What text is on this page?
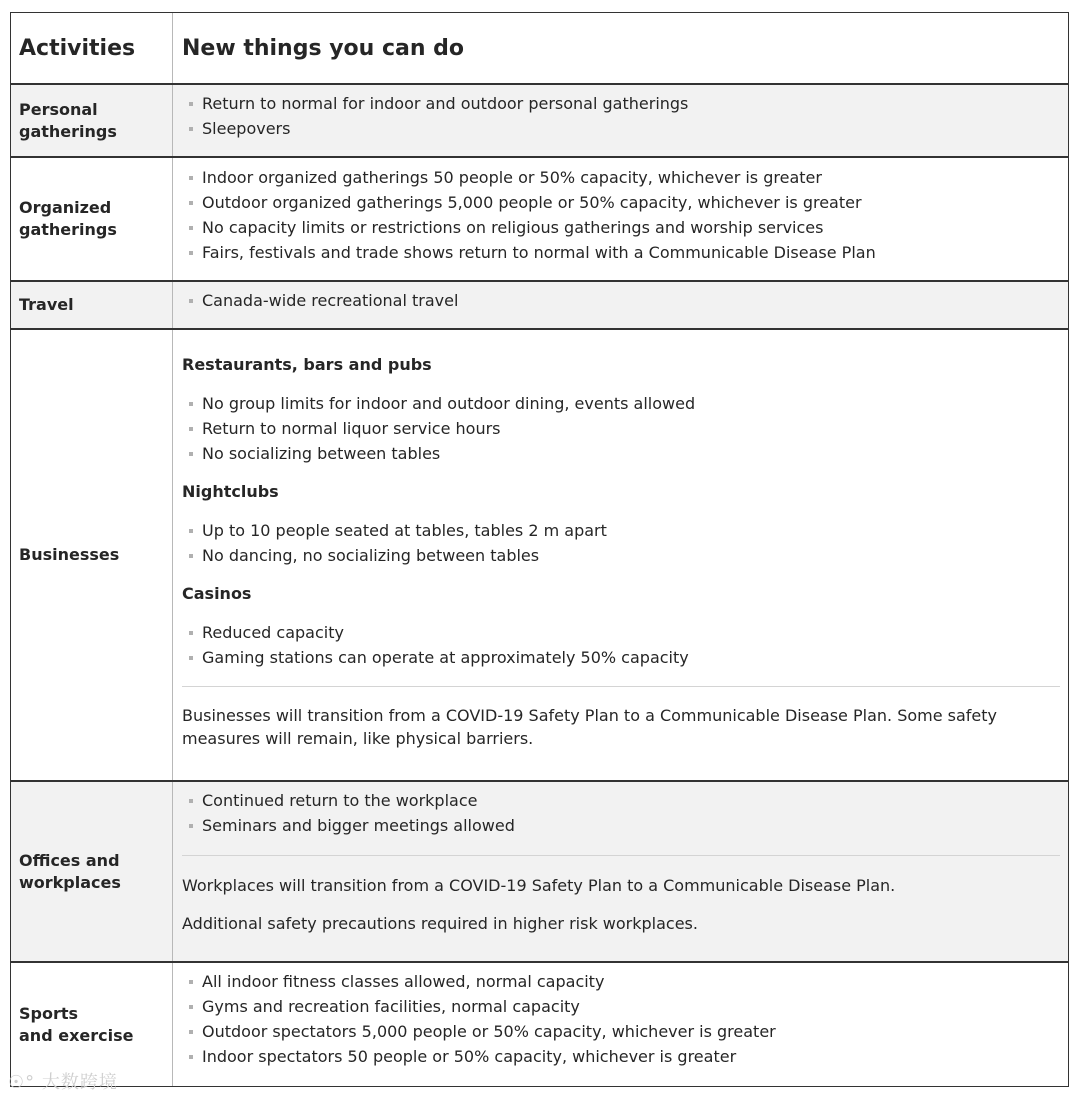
Activities	New things you can do
Personal
gatherings
Return to normal for indoor and outdoor personal gatherings
Sleepovers
Organized
gatherings
Indoor organized gatherings 50 people or 50% capacity, whichever is greater
Outdoor organized gatherings 5,000 people or 50% capacity, whichever is greater
No capacity limits or restrictions on religious gatherings and worship services
Fairs, festivals and trade shows return to normal with a Communicable Disease Plan
Travel	Canada-wide recreational travel
Businesses
Restaurants, bars and pubs
No group limits for indoor and outdoor dining, events allowed
Return to normal liquor service hours
No socializing between tables
Nightclubs
Up to 10 people seated at tables, tables 2 m apart
No dancing, no socializing between tables
Casinos
Reduced capacity
Gaming stations can operate at approximately 50% capacity
Businesses will transition from a COVID-19 Safety Plan to a Communicable Disease Plan. Some safety measures will remain, like physical barriers.
Offices and
workplaces
Continued return to the workplace
Seminars and bigger meetings allowed
Workplaces will transition from a COVID-19 Safety Plan to a Communicable Disease Plan.
Additional safety precautions required in higher risk workplaces.
Sports
and exercise
All indoor fitness classes allowed, normal capacity
Gyms and recreation facilities, normal capacity
Outdoor spectators 5,000 people or 50% capacity, whichever is greater
Indoor spectators 50 people or 50% capacity, whichever is greater
☉° 大数跨境
